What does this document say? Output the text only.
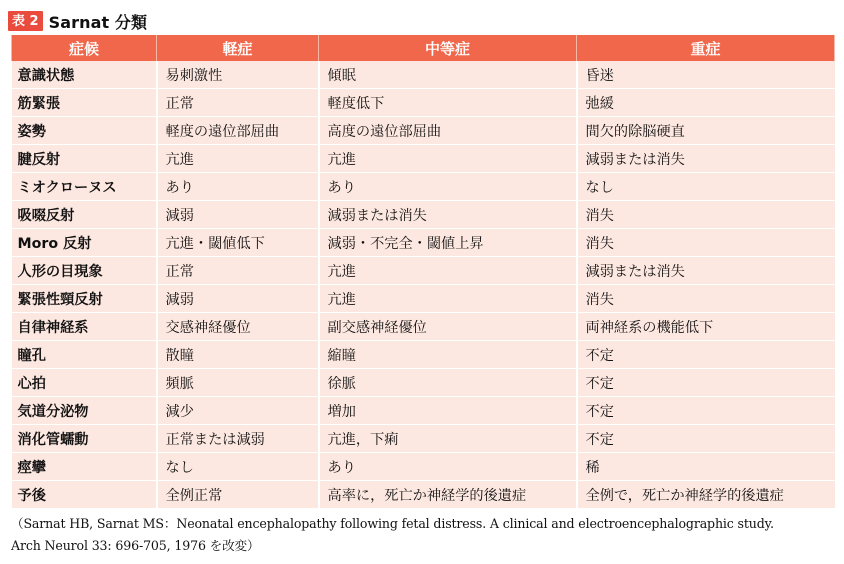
表 2 Sarnat 分類
症候	軽症	中等症	重症
意識状態	易刺激性	傾眠	昏迷
筋緊張	正常	軽度低下	弛緩
姿勢	軽度の遠位部屈曲	高度の遠位部屈曲	間欠的除脳硬直
腱反射	亢進	亢進	減弱または消失
ミオクローヌス	あり	あり	なし
吸啜反射	減弱	減弱または消失	消失
Moro 反射	亢進・閾値低下	減弱・不完全・閾値上昇	消失
人形の目現象	正常	亢進	減弱または消失
緊張性頸反射	減弱	亢進	消失
自律神経系	交感神経優位	副交感神経優位	両神経系の機能低下
瞳孔	散瞳	縮瞳	不定
心拍	頻脈	徐脈	不定
気道分泌物	減少	増加	不定
消化管蠕動	正常または減弱	亢進，下痢	不定
痙攣	なし	あり	稀
予後	全例正常	高率に，死亡か神経学的後遺症	全例で，死亡か神経学的後遺症
（Sarnat HB, Sarnat MS：Neonatal encephalopathy following fetal distress. A clinical and electroencephalographic study.
Arch Neurol 33: 696-705, 1976 を改変）
